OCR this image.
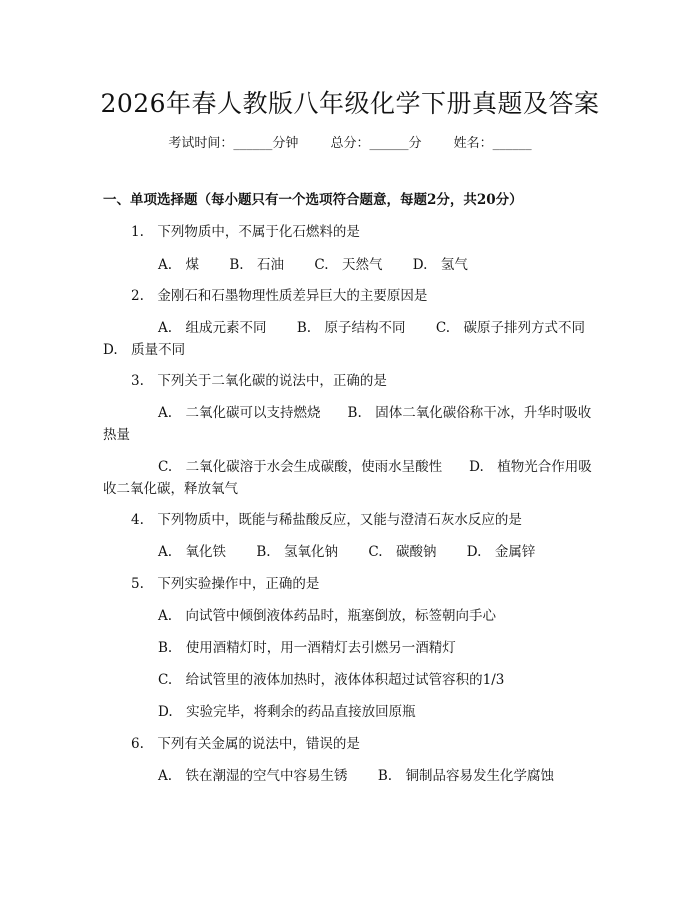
2026年春人教版八年级化学下册真题及答案
考试时间：______分钟 总分：______分 姓名：______
一、单项选择题（每小题只有一个选项符合题意，每题2分，共20分）
1.　下列物质中，不属于化石燃料的是
A.　煤 B.　石油 C.　天然气 D.　氢气
2.　金刚石和石墨物理性质差异巨大的主要原因是
A.　组成元素不同 B.　原子结构不同 C.　碳原子排列方式不同
D.　质量不同
3.　下列关于二氧化碳的说法中，正确的是
A.　二氧化碳可以支持燃烧　　B.　固体二氧化碳俗称干冰，升华时吸收
热量
C.　二氧化碳溶于水会生成碳酸，使雨水呈酸性　　D.　植物光合作用吸
收二氧化碳，释放氧气
4.　下列物质中，既能与稀盐酸反应，又能与澄清石灰水反应的是
A.　氧化铁 B.　氢氧化钠 C.　碳酸钠 D.　金属锌
5.　下列实验操作中，正确的是
A.　向试管中倾倒液体药品时，瓶塞倒放，标签朝向手心
B.　使用酒精灯时，用一酒精灯去引燃另一酒精灯
C.　给试管里的液体加热时，液体体积超过试管容积的1/3
D.　实验完毕，将剩余的药品直接放回原瓶
6.　下列有关金属的说法中，错误的是
A.　铁在潮湿的空气中容易生锈 B.　铜制品容易发生化学腐蚀
